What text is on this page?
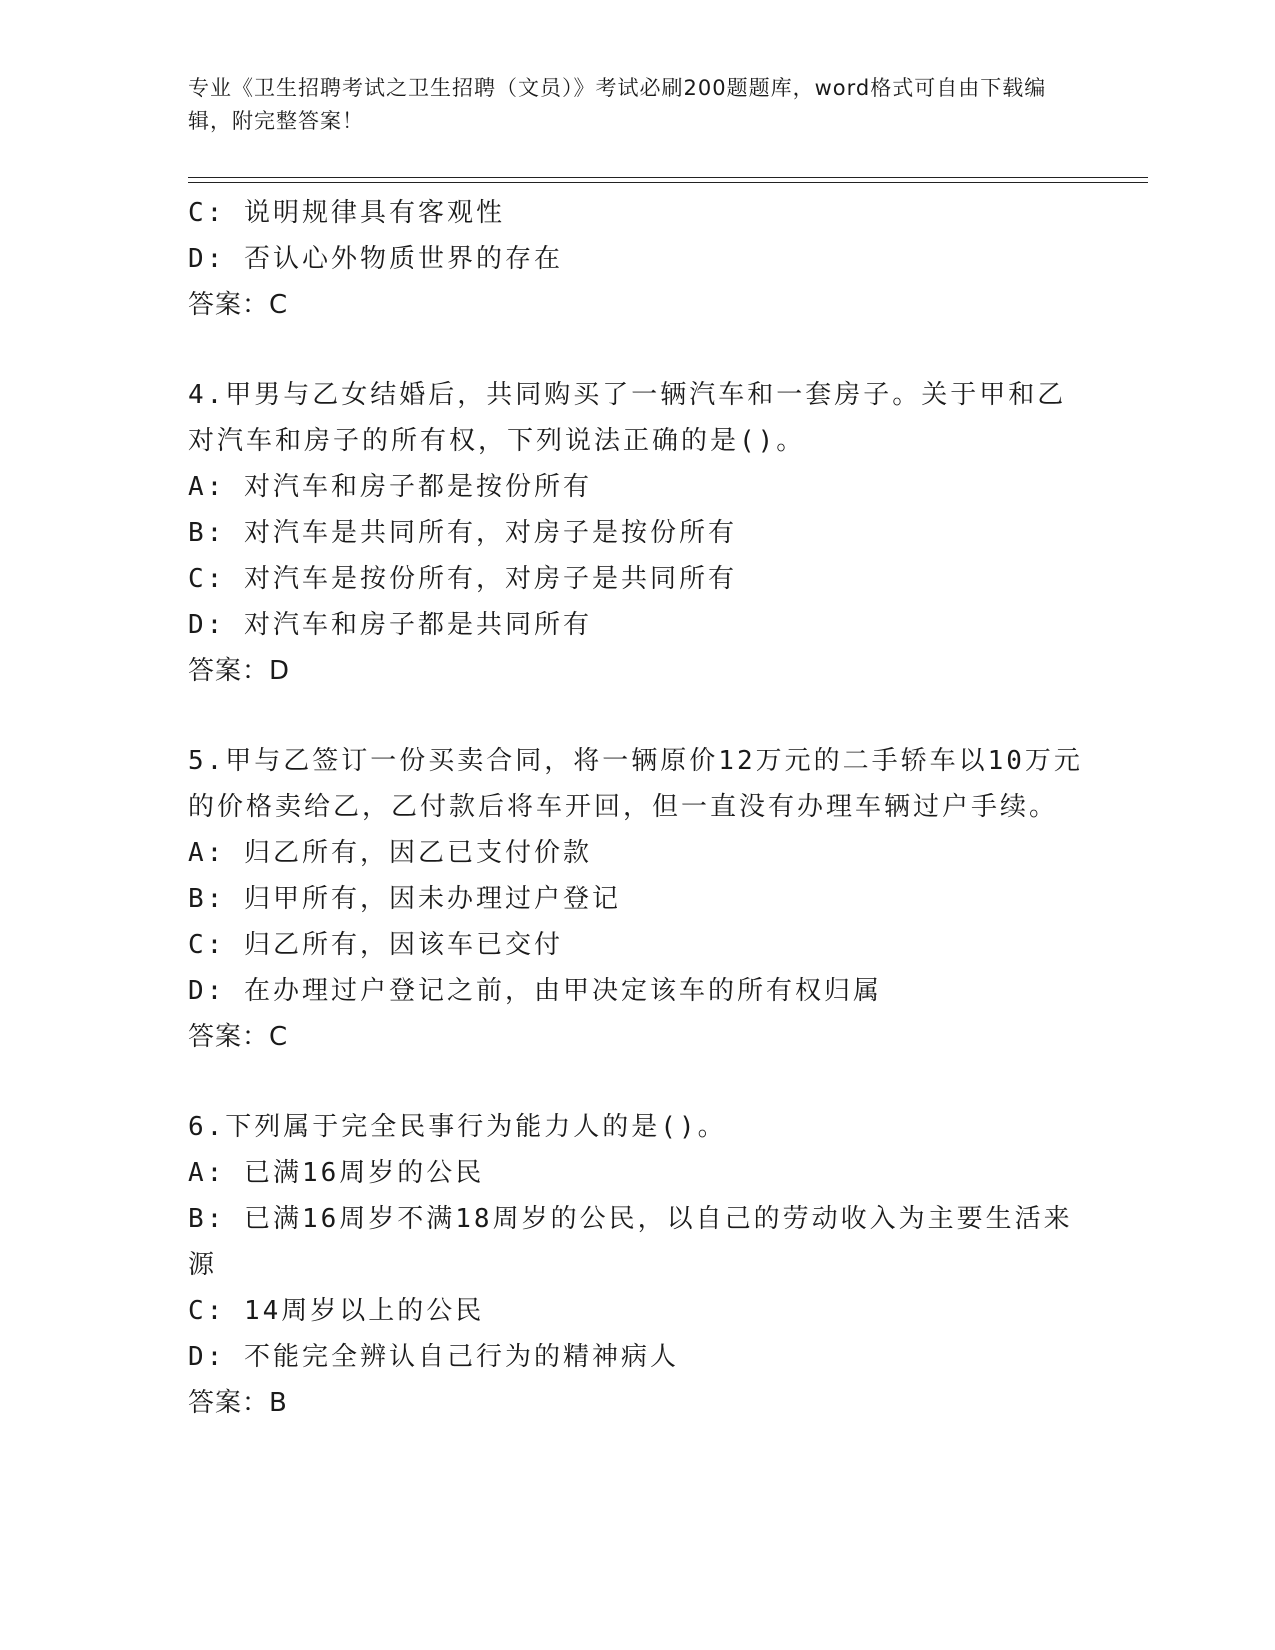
专业《卫生招聘考试之卫生招聘（文员）》考试必刷200题题库，word格式可自由下载编辑，附完整答案！
C: 说明规律具有客观性
D: 否认心外物质世界的存在
答案：C
4.甲男与乙女结婚后，共同购买了一辆汽车和一套房子。关于甲和乙对汽车和房子的所有权，下列说法正确的是()。
A: 对汽车和房子都是按份所有
B: 对汽车是共同所有，对房子是按份所有
C: 对汽车是按份所有，对房子是共同所有
D: 对汽车和房子都是共同所有
答案：D
5.甲与乙签订一份买卖合同，将一辆原价12万元的二手轿车以10万元的价格卖给乙，乙付款后将车开回，但一直没有办理车辆过户手续。
A: 归乙所有，因乙已支付价款
B: 归甲所有，因未办理过户登记
C: 归乙所有，因该车已交付
D: 在办理过户登记之前，由甲决定该车的所有权归属
答案：C
6.下列属于完全民事行为能力人的是()。
A: 已满16周岁的公民
B: 已满16周岁不满18周岁的公民，以自己的劳动收入为主要生活来源
C: 14周岁以上的公民
D: 不能完全辨认自己行为的精神病人
答案：B
